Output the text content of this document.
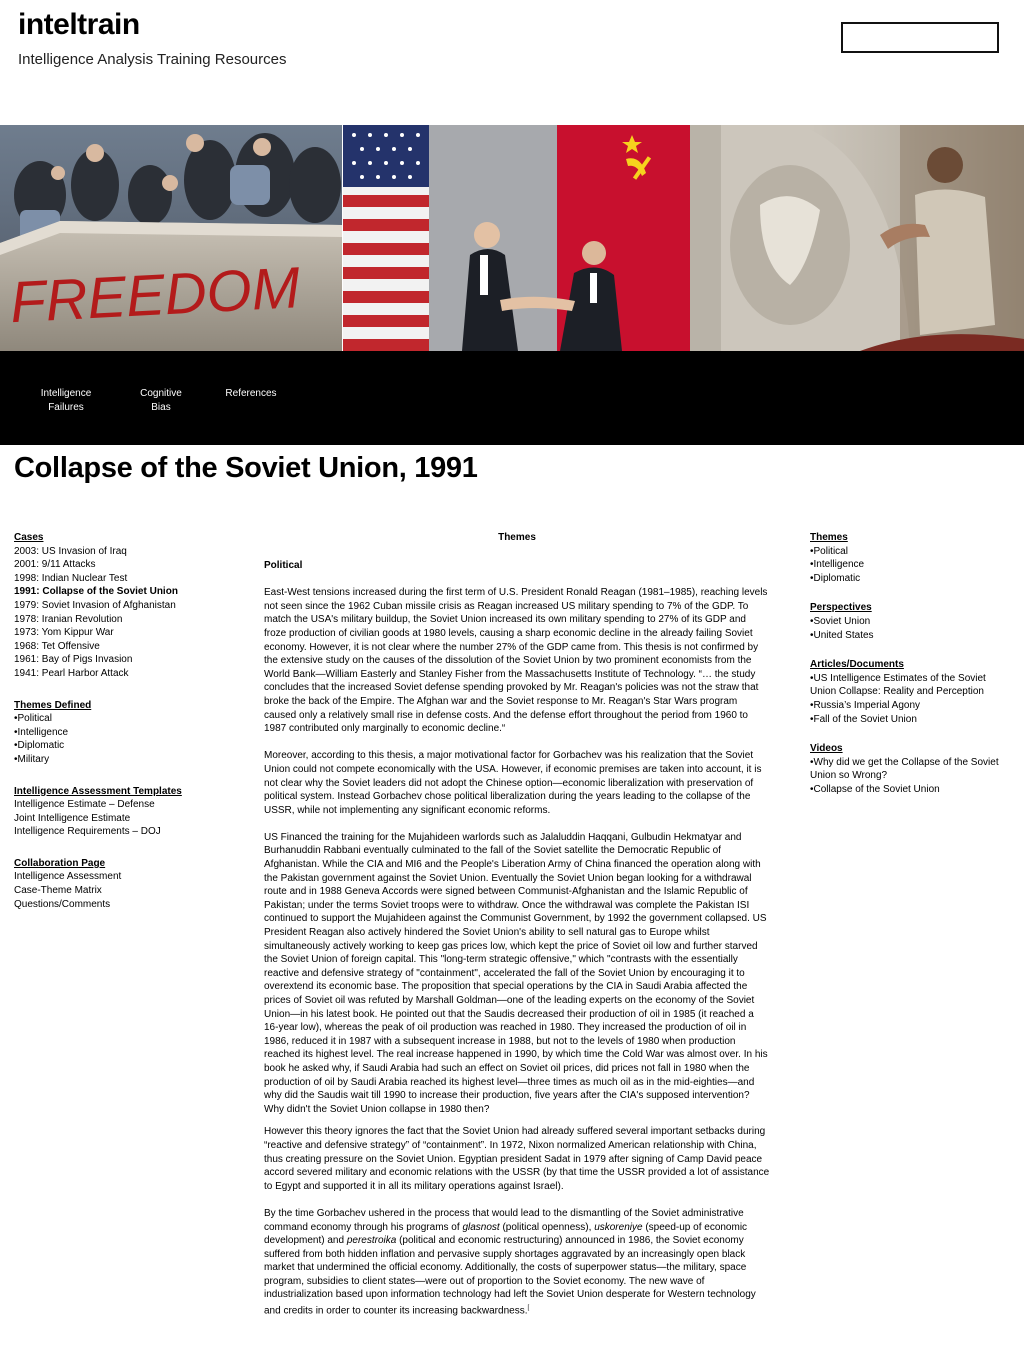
inteltrain
Intelligence Analysis Training Resources
FREEDOM
Intelligence
Failures
Cognitive
Bias
References
Collapse of the Soviet Union, 1991
Cases
2003: US Invasion of Iraq
2001: 9/11 Attacks
1998: Indian Nuclear Test
1991: Collapse of the Soviet Union
1979: Soviet Invasion of Afghanistan
1978: Iranian Revolution
1973: Yom Kippur War
1968: Tet Offensive
1961: Bay of Pigs Invasion
1941: Pearl Harbor Attack
Themes Defined
•Political
•Intelligence
•Diplomatic
•Military
Intelligence Assessment Templates
Intelligence Estimate – Defense
Joint Intelligence Estimate
Intelligence Requirements – DOJ
Collaboration Page
Intelligence Assessment
Case-Theme Matrix
Questions/Comments
Themes
Political

East-West tensions increased during the first term of U.S. President Ronald Reagan (1981–1985), reaching levels not seen since the 1962 Cuban missile crisis as Reagan increased US military spending to 7% of the GDP. To match the USA's military buildup, the Soviet Union increased its own military spending to 27% of its GDP and froze production of civilian goods at 1980 levels, causing a sharp economic decline in the already failing Soviet economy. However, it is not clear where the number 27% of the GDP came from. This thesis is not confirmed by the extensive study on the causes of the dissolution of the Soviet Union by two prominent economists from the World Bank—William Easterly and Stanley Fisher from the Massachusetts Institute of Technology. “… the study concludes that the increased Soviet defense spending provoked by Mr. Reagan's policies was not the straw that broke the back of the Empire. The Afghan war and the Soviet response to Mr. Reagan's Star Wars program caused only a relatively small rise in defense costs. And the defense effort throughout the period from 1960 to 1987 contributed only marginally to economic decline.“

Moreover, according to this thesis, a major motivational factor for Gorbachev was his realization that the Soviet Union could not compete economically with the USA. However, if economic premises are taken into account, it is not clear why the Soviet leaders did not adopt the Chinese option—economic liberalization with preservation of political system. Instead Gorbachev chose political liberalization during the years leading to the collapse of the USSR, while not implementing any significant economic reforms.

US Financed the training for the Mujahideen warlords such as Jalaluddin Haqqani, Gulbudin Hekmatyar and Burhanuddin Rabbani eventually culminated to the fall of the Soviet satellite the Democratic Republic of Afghanistan. While the CIA and MI6 and the People's Liberation Army of China financed the operation along with the Pakistan government against the Soviet Union. Eventually the Soviet Union began looking for a withdrawal route and in 1988 Geneva Accords were signed between Communist-Afghanistan and the Islamic Republic of Pakistan; under the terms Soviet troops were to withdraw. Once the withdrawal was complete the Pakistan ISI continued to support the Mujahideen against the Communist Government, by 1992 the government collapsed. US President Reagan also actively hindered the Soviet Union's ability to sell natural gas to Europe whilst simultaneously actively working to keep gas prices low, which kept the price of Soviet oil low and further starved the Soviet Union of foreign capital. This "long-term strategic offensive," which "contrasts with the essentially reactive and defensive strategy of "containment", accelerated the fall of the Soviet Union by encouraging it to overextend its economic base. The proposition that special operations by the CIA in Saudi Arabia affected the prices of Soviet oil was refuted by Marshall Goldman—one of the leading experts on the economy of the Soviet Union—in his latest book. He pointed out that the Saudis decreased their production of oil in 1985 (it reached a 16-year low), whereas the peak of oil production was reached in 1980. They increased the production of oil in 1986, reduced it in 1987 with a subsequent increase in 1988, but not to the levels of 1980 when production reached its highest level. The real increase happened in 1990, by which time the Cold War was almost over. In his book he asked why, if Saudi Arabia had such an effect on Soviet oil prices, did prices not fall in 1980 when the production of oil by Saudi Arabia reached its highest level—three times as much oil as in the mid-eighties—and why did the Saudis wait till 1990 to increase their production, five years after the CIA's supposed intervention? Why didn't the Soviet Union collapse in 1980 then?

However this theory ignores the fact that the Soviet Union had already suffered several important setbacks during “reactive and defensive strategy” of “containment”. In 1972, Nixon normalized American relationship with China, thus creating pressure on the Soviet Union. Egyptian president Sadat in 1979 after signing of Camp David peace accord severed military and economic relations with the USSR (by that time the USSR provided a lot of assistance to Egypt and supported it in all its military operations against Israel).

By the time Gorbachev ushered in the process that would lead to the dismantling of the Soviet administrative command economy through his programs of glasnost (political openness), uskoreniye (speed-up of economic development) and perestroika (political and economic restructuring) announced in 1986, the Soviet economy suffered from both hidden inflation and pervasive supply shortages aggravated by an increasingly open black market that undermined the official economy. Additionally, the costs of superpower status—the military, space program, subsidies to client states—were out of proportion to the Soviet economy. The new wave of industrialization based upon information technology had left the Soviet Union desperate for Western technology and credits in order to counter its increasing backwardness.[

Themes
•Political
•Intelligence
•Diplomatic
Perspectives
•Soviet Union
•United States
Articles/Documents
•US Intelligence Estimates of the Soviet Union Collapse: Reality and Perception
•Russia’s Imperial Agony
•Fall of the Soviet Union
Videos
•Why did we get the Collapse of the Soviet Union so Wrong?
•Collapse of the Soviet Union
